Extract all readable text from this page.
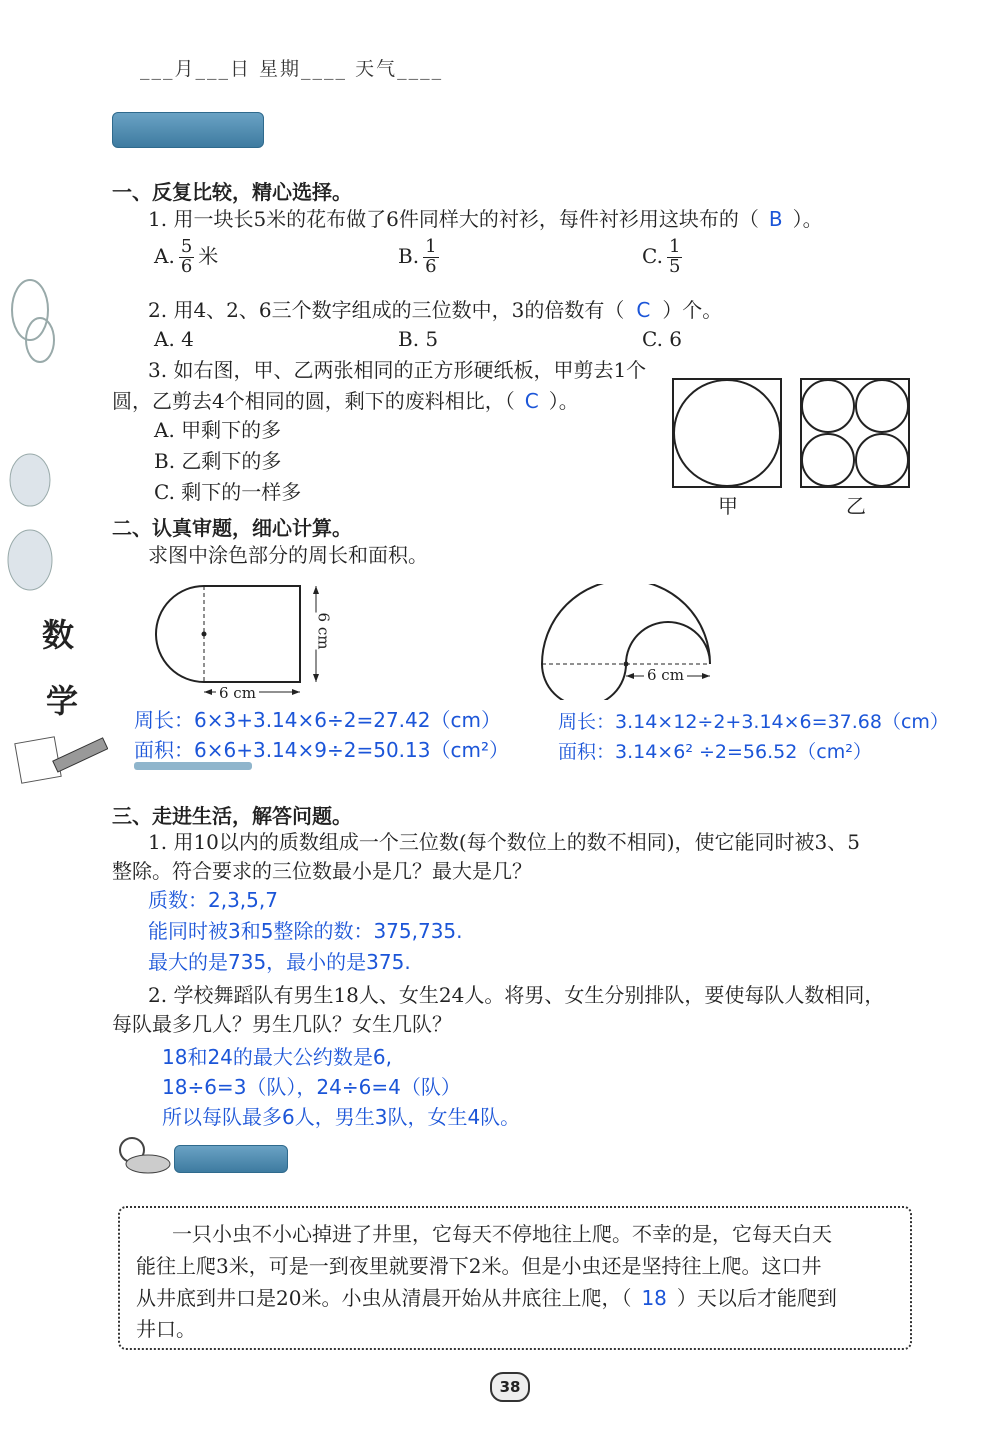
___月___日 星期____ 天气____
数
学
一、反复比较，精心选择。
1. 用一块长5米的花布做了6件同样大的衬衫，每件衬衫用这块布的（ B ）。
A. $\frac{5}{6}$ 米	B. $\frac{1}{6}$	C. $\frac{1}{5}$
2. 用4、2、6三个数字组成的三位数中，3的倍数有（ C ）个。
A. 4	B. 5	C. 6
3. 如右图，甲、乙两张相同的正方形硬纸板，甲剪去1个
圆，乙剪去4个相同的圆，剩下的废料相比，（ C ）。
A. 甲剩下的多
B. 乙剩下的多
C. 剩下的一样多
甲	乙
二、认真审题，细心计算。
求图中涂色部分的周长和面积。
6 cm
6 cm
6 cm
周长：6×3+3.14×6÷2=27.42（cm）
面积：6×6+3.14×9÷2=50.13（cm²）
周长：3.14×12÷2+3.14×6=37.68（cm）
面积：3.14×6² ÷2=56.52（cm²）
三、走进生活，解答问题。
1. 用10以内的质数组成一个三位数(每个数位上的数不相同)，使它能同时被3、5
整除。符合要求的三位数最小是几？最大是几？
质数：2,3,5,7
能同时被3和5整除的数：375,735.
最大的是735，最小的是375.
2. 学校舞蹈队有男生18人、女生24人。将男、女生分别排队，要使每队人数相同，
每队最多几人？男生几队？女生几队？
18和24的最大公约数是6,
18÷6=3（队），24÷6=4（队）
所以每队最多6人，男生3队，女生4队。
一只小虫不小心掉进了井里，它每天不停地往上爬。不幸的是，它每天白天
能往上爬3米，可是一到夜里就要滑下2米。但是小虫还是坚持往上爬。这口井
从井底到井口是20米。小虫从清晨开始从井底往上爬，（ 18 ）天以后才能爬到
井口。
38
